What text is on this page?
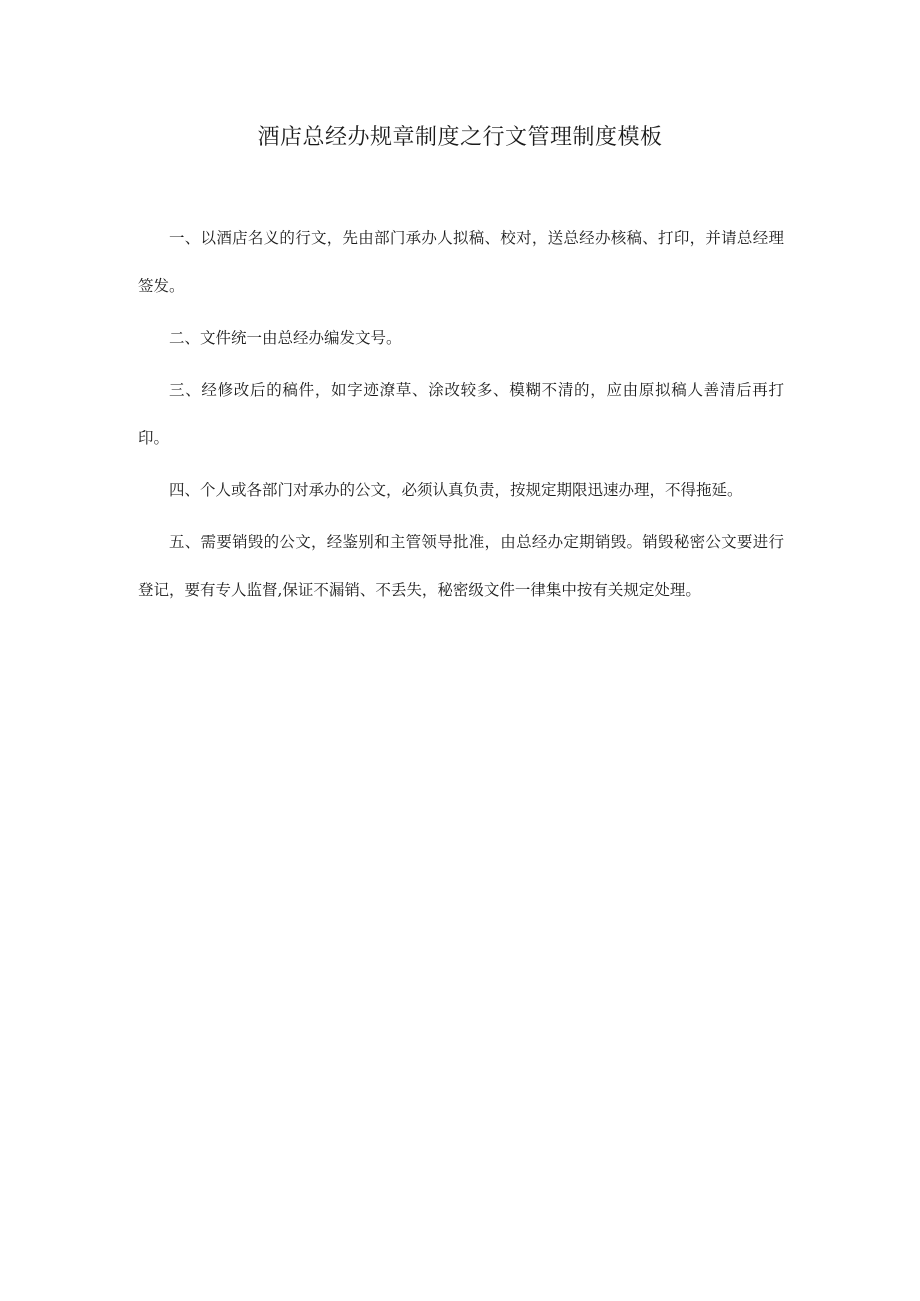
酒店总经办规章制度之行文管理制度模板

一、以酒店名义的行文，先由部门承办人拟稿、校对，送总经办核稿、打印，并请总经理签发。

二、文件统一由总经办编发文号。

三、经修改后的稿件，如字迹潦草、涂改较多、模糊不清的，应由原拟稿人善清后再打印。

四、个人或各部门对承办的公文，必须认真负责，按规定期限迅速办理，不得拖延。

五、需要销毁的公文，经鉴别和主管领导批准，由总经办定期销毁。销毁秘密公文要进行登记，要有专人监督,保证不漏销、不丢失，秘密级文件一律集中按有关规定处理。
